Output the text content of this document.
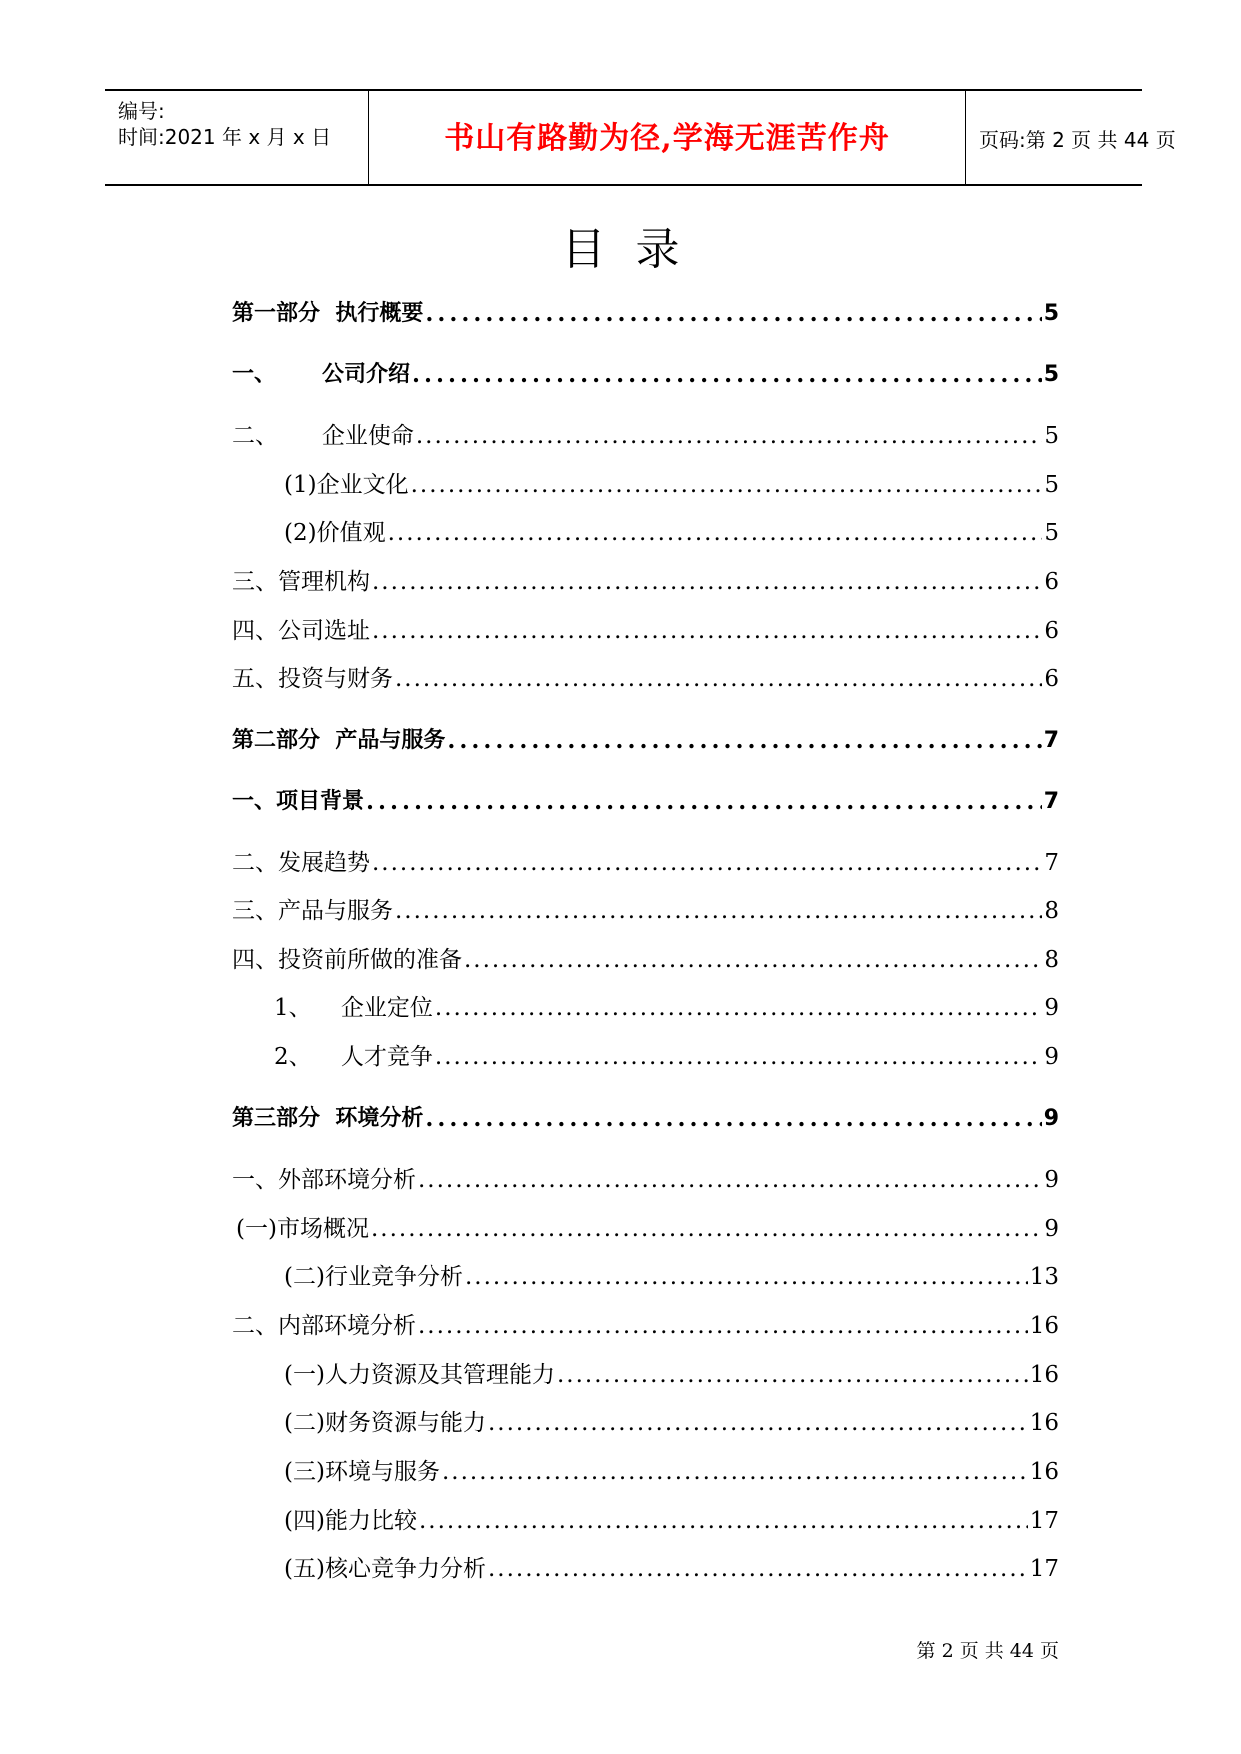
编号:
时间:2021 年 x 月 x 日	书山有路勤为径,学海无涯苦作舟	页码:第 2 页 共 44 页
目录
第一部分  执行概要 .....	5
一、      公司介绍 .....	5
二、      企业使命 .....	5
(1)企业文化 .....	5
(2)价值观 .....	5
三、管理机构 .....	6
四、公司选址 .....	6
五、投资与财务 .....	6
第二部分  产品与服务 .....	7
一、项目背景 .....	7
二、发展趋势 .....	7
三、产品与服务 .....	8
四、投资前所做的准备 .....	8
1、    企业定位 .....	9
2、    人才竞争 .....	9
第三部分  环境分析 .....	9
一、外部环境分析 .....	9
(一)市场概况 .....	9
(二)行业竞争分析 .....	13
二、内部环境分析 .....	16
(一)人力资源及其管理能力 .....	16
(二)财务资源与能力 .....	16
(三)环境与服务 .....	16
(四)能力比较 .....	17
(五)核心竞争力分析 .....	17
第 2 页 共 44 页
